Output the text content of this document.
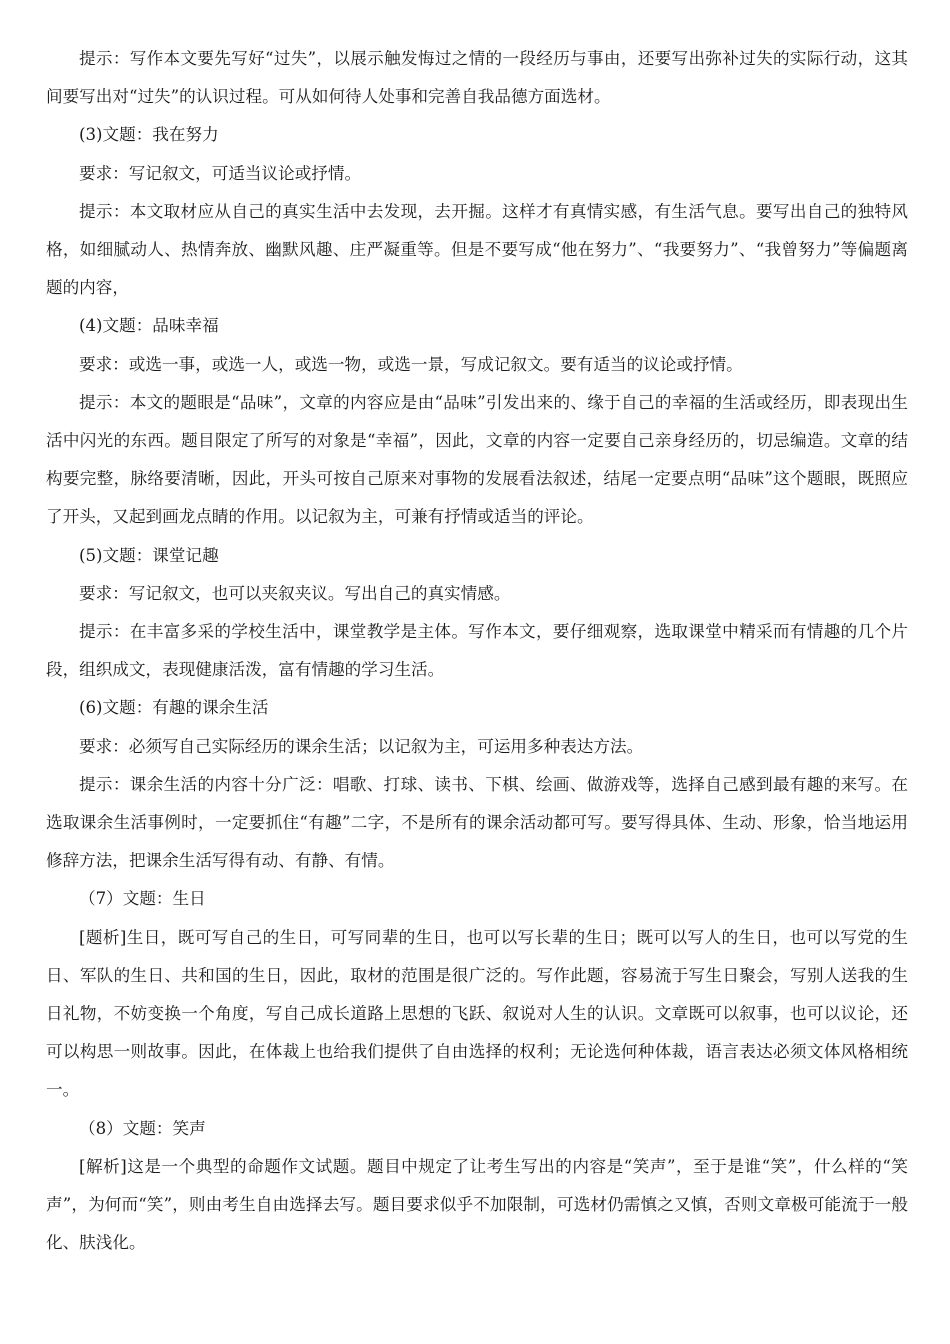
提示：写作本文要先写好“过失”，以展示触发悔过之情的一段经历与事由，还要写出弥补过失的实际行动，这其间要写出对“过失”的认识过程。可从如何待人处事和完善自我品德方面选材。

(3)文题：我在努力

要求：写记叙文，可适当议论或抒情。

提示：本文取材应从自己的真实生活中去发现，去开掘。这样才有真情实感，有生活气息。要写出自己的独特风格，如细腻动人、热情奔放、幽默风趣、庄严凝重等。但是不要写成“他在努力”、“我要努力”、“我曾努力”等偏题离题的内容，

(4)文题：品味幸福

要求：或选一事，或选一人，或选一物，或选一景，写成记叙文。要有适当的议论或抒情。

提示：本文的题眼是“品味”，文章的内容应是由“品味”引发出来的、缘于自己的幸福的生活或经历，即表现出生活中闪光的东西。题目限定了所写的对象是“幸福”，因此，文章的内容一定要自己亲身经历的，切忌编造。文章的结构要完整，脉络要清晰，因此，开头可按自己原来对事物的发展看法叙述，结尾一定要点明“品味”这个题眼，既照应了开头，又起到画龙点睛的作用。以记叙为主，可兼有抒情或适当的评论。

(5)文题：课堂记趣

要求：写记叙文，也可以夹叙夹议。写出自己的真实情感。

提示：在丰富多采的学校生活中，课堂教学是主体。写作本文，要仔细观察，选取课堂中精采而有情趣的几个片段，组织成文，表现健康活泼，富有情趣的学习生活。

(6)文题：有趣的课余生活

要求：必须写自己实际经历的课余生活；以记叙为主，可运用多种表达方法。

提示：课余生活的内容十分广泛：唱歌、打球、读书、下棋、绘画、做游戏等，选择自己感到最有趣的来写。在选取课余生活事例时，一定要抓住“有趣”二字，不是所有的课余活动都可写。要写得具体、生动、形象，恰当地运用修辞方法，把课余生活写得有动、有静、有情。

（7）文题：生日

[题析]生日，既可写自己的生日，可写同辈的生日，也可以写长辈的生日；既可以写人的生日，也可以写党的生日、军队的生日、共和国的生日，因此，取材的范围是很广泛的。写作此题，容易流于写生日聚会，写别人送我的生日礼物，不妨变换一个角度，写自己成长道路上思想的飞跃、叙说对人生的认识。文章既可以叙事，也可以议论，还可以构思一则故事。因此，在体裁上也给我们提供了自由选择的权利；无论选何种体裁，语言表达必须文体风格相统一。

（8）文题：笑声

[解析]这是一个典型的命题作文试题。题目中规定了让考生写出的内容是“笑声”，至于是谁“笑”，什么样的“笑声”，为何而“笑”，则由考生自由选择去写。题目要求似乎不加限制，可选材仍需慎之又慎，否则文章极可能流于一般化、肤浅化。
